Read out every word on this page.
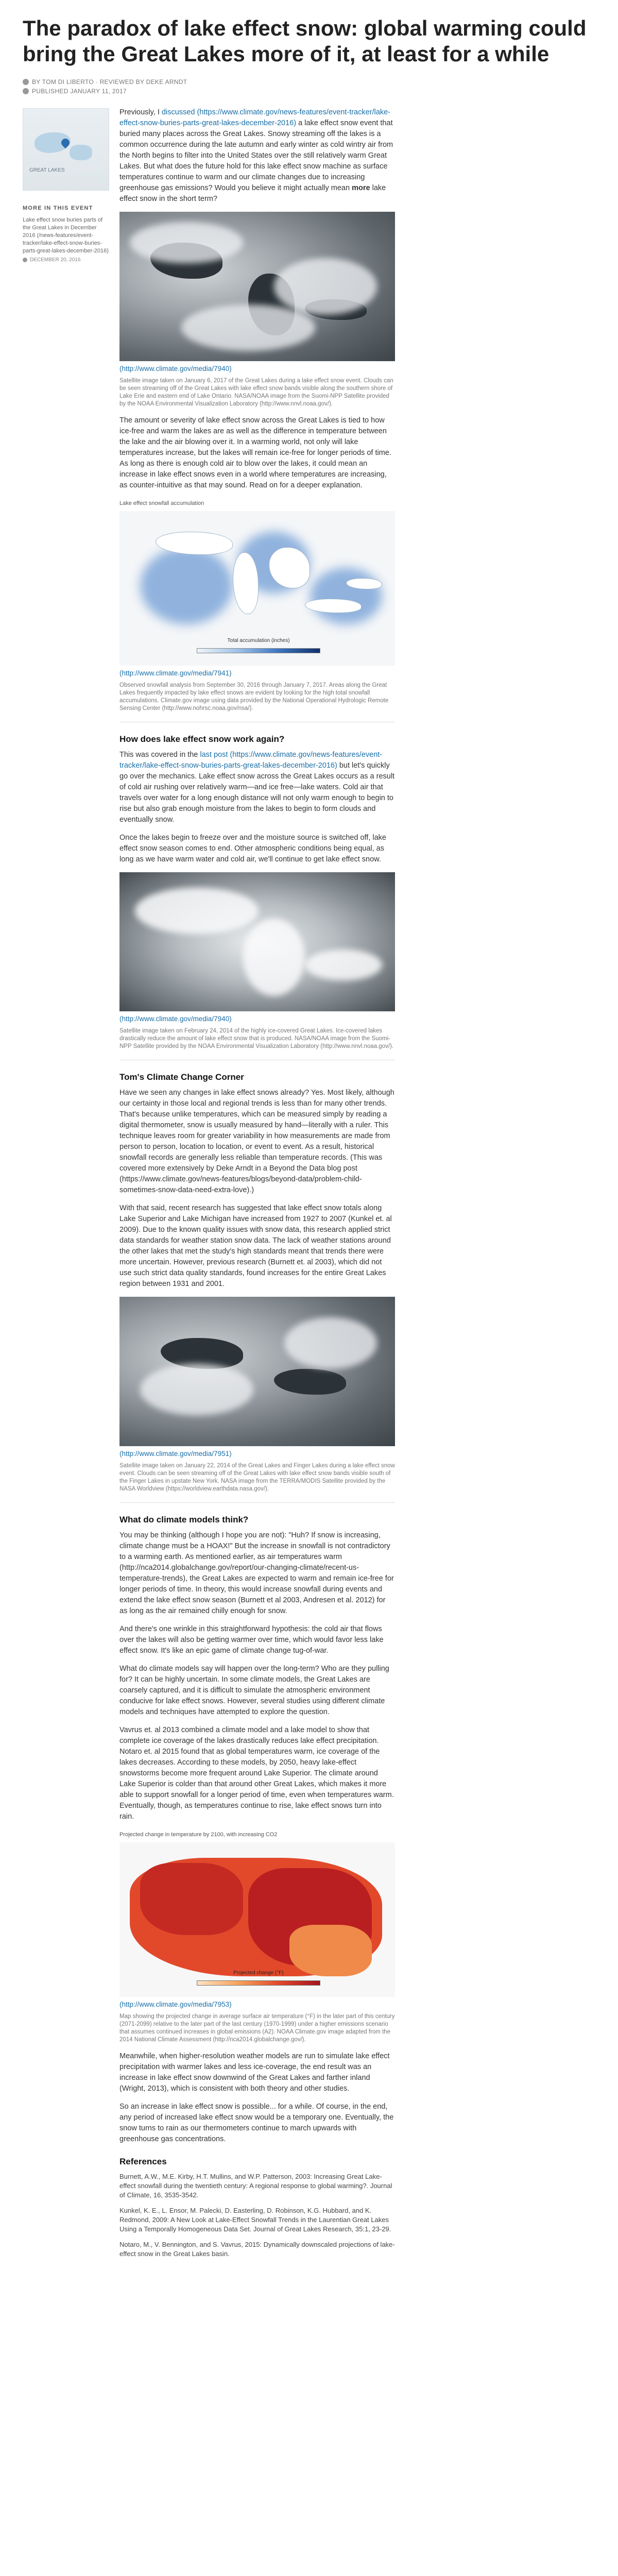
The paradox of lake effect snow: global warming could bring the Great Lakes more of it, at least for a while
BY TOM DI LIBERTO · REVIEWED BY DEKE ARNDT
PUBLISHED JANUARY 11, 2017
GREAT LAKES
MORE IN THIS EVENT
Lake effect snow buries parts of the Great Lakes in December 2016 (/news-features/event-tracker/lake-effect-snow-buries-parts-great-lakes-december-2016)
DECEMBER 20, 2016

Previously, I discussed (https://www.climate.gov/news-features/event-tracker/lake-effect-snow-buries-parts-great-lakes-december-2016) a lake effect snow event that buried many places across the Great Lakes. Snowy streaming off the lakes is a common occurrence during the late autumn and early winter as cold wintry air from the North begins to filter into the United States over the still relatively warm Great Lakes. But what does the future hold for this lake effect snow machine as surface temperatures continue to warm and our climate changes due to increasing greenhouse gas emissions? Would you believe it might actually mean more lake effect snow in the short term?

(http://www.climate.gov/media/7940)
Satellite image taken on January 6, 2017 of the Great Lakes during a lake effect snow event. Clouds can be seen streaming off of the Great Lakes with lake effect snow bands visible along the southern shore of Lake Erie and eastern end of Lake Ontario. NASA/NOAA image from the Suomi-NPP Satellite provided by the NOAA Environmental Visualization Laboratory (http://www.nnvl.noaa.gov/).

The amount or severity of lake effect snow across the Great Lakes is tied to how ice-free and warm the lakes are as well as the difference in temperature between the lake and the air blowing over it. In a warming world, not only will lake temperatures increase, but the lakes will remain ice-free for longer periods of time. As long as there is enough cold air to blow over the lakes, it could mean an increase in lake effect snows even in a world where temperatures are increasing, as counter-intuitive as that may sound. Read on for a deeper explanation.

Lake effect snowfall accumulation
Total accumulation (inches)
(http://www.climate.gov/media/7941)
Observed snowfall analysis from September 30, 2016 through January 7, 2017. Areas along the Great Lakes frequently impacted by lake effect snows are evident by looking for the high total snowfall accumulations. Climate.gov image using data provided by the National Operational Hydrologic Remote Sensing Center (http://www.nohrsc.noaa.gov/nsa/).
How does lake effect snow work again?

This was covered in the last post (https://www.climate.gov/news-features/event-tracker/lake-effect-snow-buries-parts-great-lakes-december-2016) but let's quickly go over the mechanics. Lake effect snow across the Great Lakes occurs as a result of cold air rushing over relatively warm—and ice free—lake waters. Cold air that travels over water for a long enough distance will not only warm enough to begin to rise but also grab enough moisture from the lakes to begin to form clouds and eventually snow.

Once the lakes begin to freeze over and the moisture source is switched off, lake effect snow season comes to end. Other atmospheric conditions being equal, as long as we have warm water and cold air, we'll continue to get lake effect snow.

(http://www.climate.gov/media/7940)
Satellite image taken on February 24, 2014 of the highly ice-covered Great Lakes. Ice-covered lakes drastically reduce the amount of lake effect snow that is produced. NASA/NOAA image from the Suomi-NPP Satellite provided by the NOAA Environmental Visualization Laboratory (http://www.nnvl.noaa.gov/).
Tom's Climate Change Corner

Have we seen any changes in lake effect snows already? Yes. Most likely, although our certainty in those local and regional trends is less than for many other trends. That's because unlike temperatures, which can be measured simply by reading a digital thermometer, snow is usually measured by hand—literally with a ruler. This technique leaves room for greater variability in how measurements are made from person to person, location to location, or event to event. As a result, historical snowfall records are generally less reliable than temperature records. (This was covered more extensively by Deke Arndt in a Beyond the Data blog post (https://www.climate.gov/news-features/blogs/beyond-data/problem-child-sometimes-snow-data-need-extra-love).)

With that said, recent research has suggested that lake effect snow totals along Lake Superior and Lake Michigan have increased from 1927 to 2007 (Kunkel et. al 2009). Due to the known quality issues with snow data, this research applied strict data standards for weather station snow data. The lack of weather stations around the other lakes that met the study's high standards meant that trends there were more uncertain. However, previous research (Burnett et. al 2003), which did not use such strict data quality standards, found increases for the entire Great Lakes region between 1931 and 2001.

(http://www.climate.gov/media/7951)
Satellite image taken on January 22, 2014 of the Great Lakes and Finger Lakes during a lake effect snow event. Clouds can be seen streaming off of the Great Lakes with lake effect snow bands visible south of the Finger Lakes in upstate New York. NASA image from the TERRA/MODIS Satellite provided by the NASA Worldview (https://worldview.earthdata.nasa.gov/).
What do climate models think?

You may be thinking (although I hope you are not): "Huh? If snow is increasing, climate change must be a HOAX!" But the increase in snowfall is not contradictory to a warming earth. As mentioned earlier, as air temperatures warm (http://nca2014.globalchange.gov/report/our-changing-climate/recent-us-temperature-trends), the Great Lakes are expected to warm and remain ice-free for longer periods of time. In theory, this would increase snowfall during events and extend the lake effect snow season (Burnett et al 2003, Andresen et al. 2012) for as long as the air remained chilly enough for snow.

And there's one wrinkle in this straightforward hypothesis: the cold air that flows over the lakes will also be getting warmer over time, which would favor less lake effect snow. It's like an epic game of climate change tug-of-war.

What do climate models say will happen over the long-term? Who are they pulling for? It can be highly uncertain. In some climate models, the Great Lakes are coarsely captured, and it is difficult to simulate the atmospheric environment conducive for lake effect snows. However, several studies using different climate models and techniques have attempted to explore the question.

Vavrus et. al 2013 combined a climate model and a lake model to show that complete ice coverage of the lakes drastically reduces lake effect precipitation. Notaro et. al 2015 found that as global temperatures warm, ice coverage of the lakes decreases. According to these models, by 2050, heavy lake-effect snowstorms become more frequent around Lake Superior. The climate around Lake Superior is colder than that around other Great Lakes, which makes it more able to support snowfall for a longer period of time, even when temperatures warm. Eventually, though, as temperatures continue to rise, lake effect snows turn into rain.

Projected change in temperature by 2100, with increasing CO2
Projected change (°F)
(http://www.climate.gov/media/7953)
Map showing the projected change in average surface air temperature (°F) in the later part of this century (2071-2099) relative to the later part of the last century (1970-1999) under a higher emissions scenario that assumes continued increases in global emissions (A2). NOAA Climate.gov image adapted from the 2014 National Climate Assessment (http://nca2014.globalchange.gov/).

Meanwhile, when higher-resolution weather models are run to simulate lake effect precipitation with warmer lakes and less ice-coverage, the end result was an increase in lake effect snow downwind of the Great Lakes and farther inland (Wright, 2013), which is consistent with both theory and other studies.

So an increase in lake effect snow is possible... for a while. Of course, in the end, any period of increased lake effect snow would be a temporary one. Eventually, the snow turns to rain as our thermometers continue to march upwards with greenhouse gas concentrations.

References

Burnett, A.W., M.E. Kirby, H.T. Mullins, and W.P. Patterson, 2003: Increasing Great Lake-effect snowfall during the twentieth century: A regional response to global warming?. Journal of Climate, 16, 3535-3542.

Kunkel, K. E., L. Ensor, M. Palecki, D. Easterling, D. Robinson, K.G. Hubbard, and K. Redmond, 2009: A New Look at Lake-Effect Snowfall Trends in the Laurentian Great Lakes Using a Temporally Homogeneous Data Set. Journal of Great Lakes Research, 35:1, 23-29.

Notaro, M., V. Bennington, and S. Vavrus, 2015: Dynamically downscaled projections of lake-effect snow in the Great Lakes basin.
